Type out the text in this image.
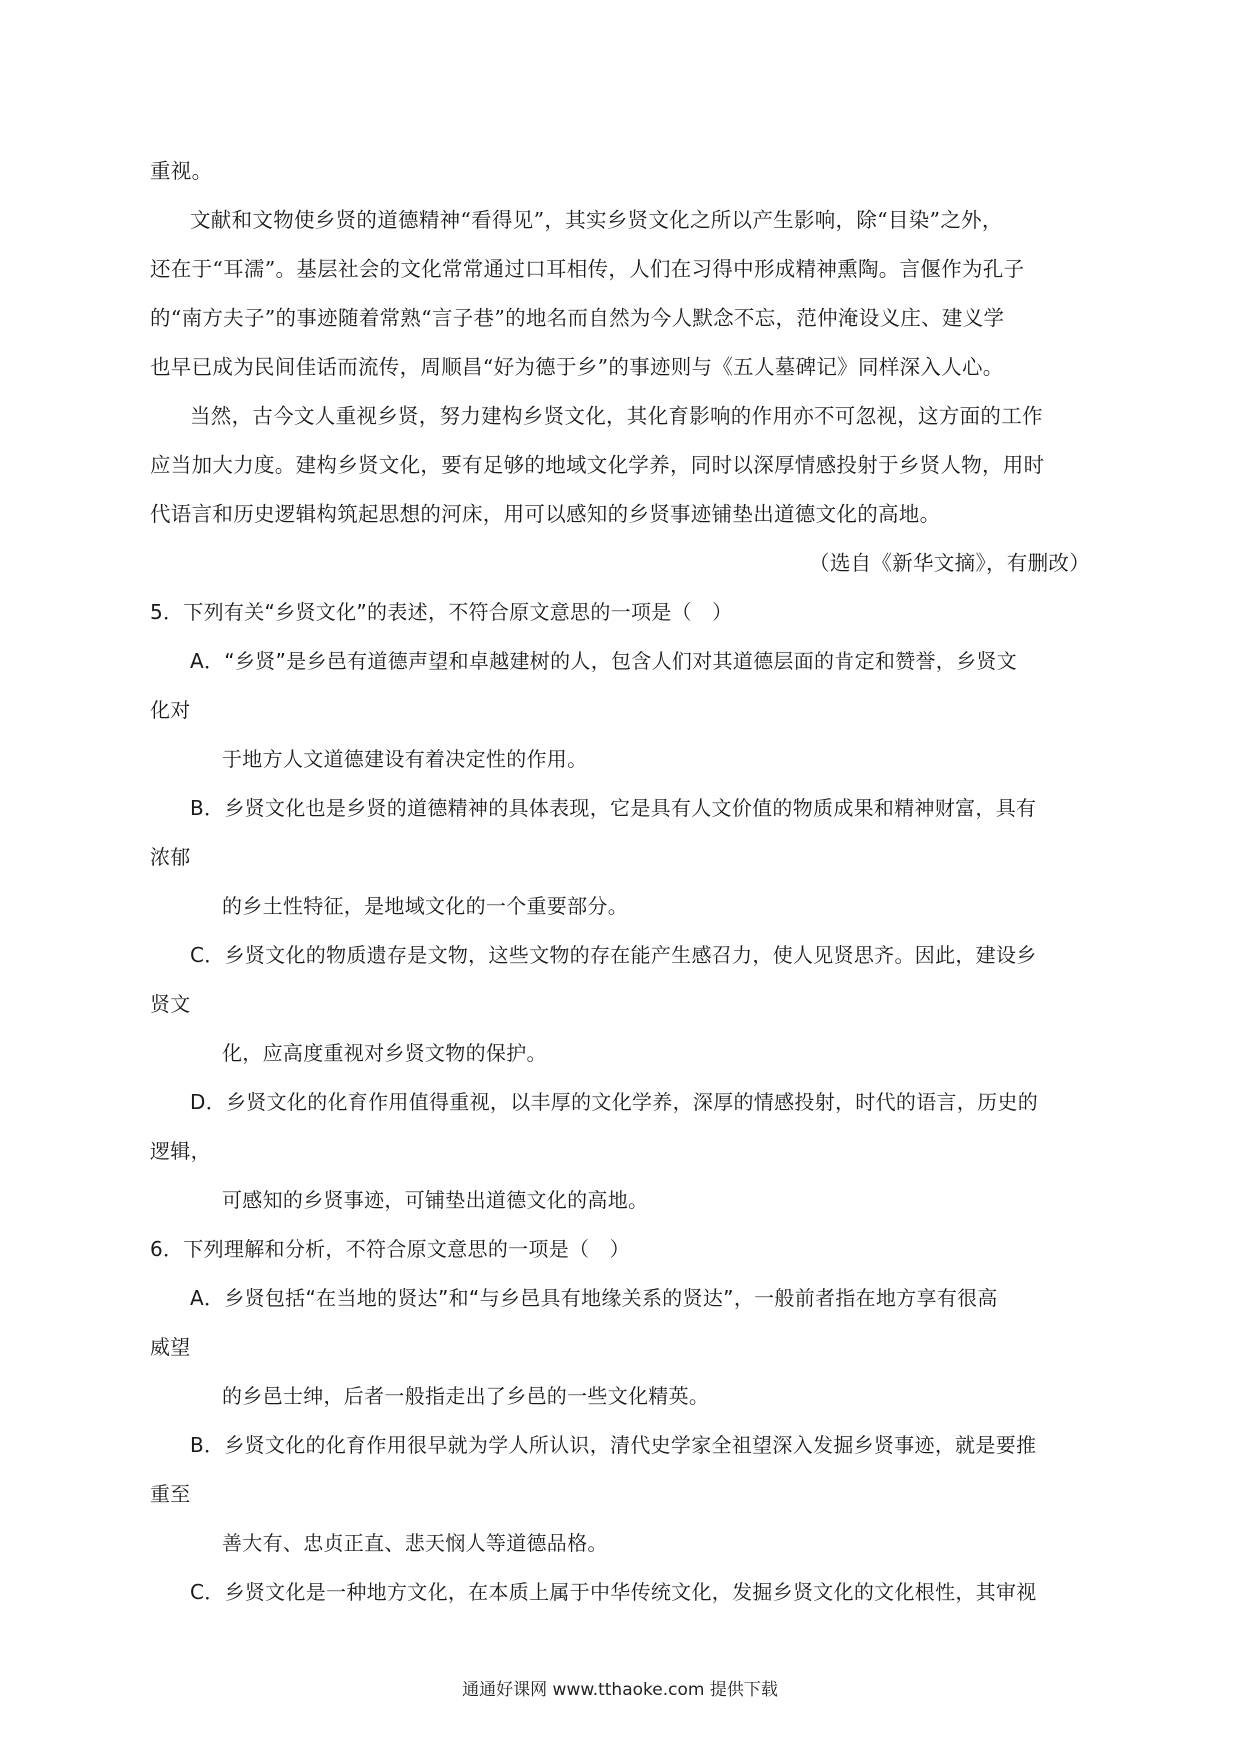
重视。
文献和文物使乡贤的道德精神“看得见”，其实乡贤文化之所以产生影响，除“目染”之外，
还在于“耳濡”。基层社会的文化常常通过口耳相传，人们在习得中形成精神熏陶。言偃作为孔子
的“南方夫子”的事迹随着常熟“言子巷”的地名而自然为今人默念不忘，范仲淹设义庄、建义学
也早已成为民间佳话而流传，周顺昌“好为德于乡”的事迹则与《五人墓碑记》同样深入人心。
当然，古今文人重视乡贤，努力建构乡贤文化，其化育影响的作用亦不可忽视，这方面的工作
应当加大力度。建构乡贤文化，要有足够的地域文化学养，同时以深厚情感投射于乡贤人物，用时
代语言和历史逻辑构筑起思想的河床，用可以感知的乡贤事迹铺垫出道德文化的高地。
（选自《新华文摘》，有删改）
5．下列有关“乡贤文化”的表述，不符合原文意思的一项是（　）
A．“乡贤”是乡邑有道德声望和卓越建树的人，包含人们对其道德层面的肯定和赞誉，乡贤文
化对
于地方人文道德建设有着决定性的作用。
B．乡贤文化也是乡贤的道德精神的具体表现，它是具有人文价值的物质成果和精神财富，具有
浓郁
的乡土性特征，是地域文化的一个重要部分。
C．乡贤文化的物质遗存是文物，这些文物的存在能产生感召力，使人见贤思齐。因此，建设乡
贤文
化，应高度重视对乡贤文物的保护。
D．乡贤文化的化育作用值得重视，以丰厚的文化学养，深厚的情感投射，时代的语言，历史的
逻辑，
可感知的乡贤事迹，可铺垫出道德文化的高地。
6．下列理解和分析，不符合原文意思的一项是（　）
A．乡贤包括“在当地的贤达”和“与乡邑具有地缘关系的贤达”，一般前者指在地方享有很高
威望
的乡邑士绅，后者一般指走出了乡邑的一些文化精英。
B．乡贤文化的化育作用很早就为学人所认识，清代史学家全祖望深入发掘乡贤事迹，就是要推
重至
善大有、忠贞正直、悲天悯人等道德品格。
C．乡贤文化是一种地方文化，在本质上属于中华传统文化，发掘乡贤文化的文化根性，其审视
通通好课网 www.tthaoke.com 提供下载
